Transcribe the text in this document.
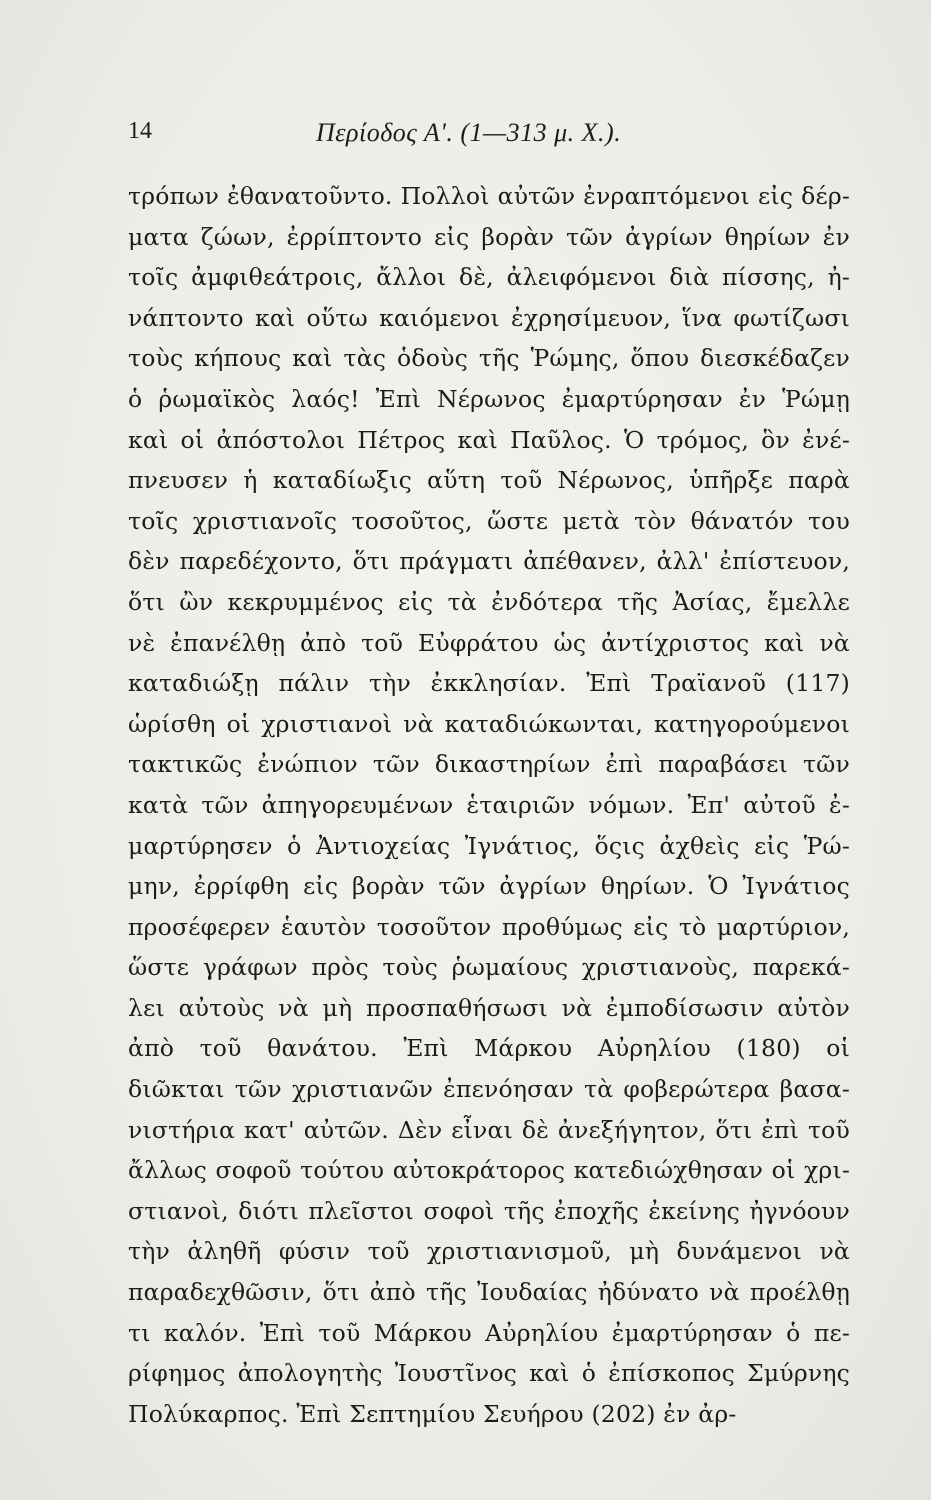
14	Περίοδος Α'. (1—313 μ. Χ.).
τρόπων ἐθανατοῦντο. Πολλοὶ αὐτῶν ἐνραπτόμενοι εἰς δέρ-
ματα ζώων, ἐρρίπτοντο εἰς βορὰν τῶν ἀγρίων θηρίων ἐν
τοῖς ἀμφιθεάτροις, ἄλλοι δὲ, ἀλειφόμενοι διὰ πίσσης, ἠ-
νάπτοντο καὶ οὕτω καιόμενοι ἐχρησίμευον, ἵνα φωτίζωσι
τοὺς κήπους καὶ τὰς ὁδοὺς τῆς Ῥώμης, ὅπου διεσκέδαζεν
ὁ ῥωμαϊκὸς λαός! Ἐπὶ Νέρωνος ἐμαρτύρησαν ἐν Ῥώμῃ
καὶ οἱ ἀπόστολοι Πέτρος καὶ Παῦλος. Ὁ τρόμος, ὃν ἐνέ-
πνευσεν ἡ καταδίωξις αὕτη τοῦ Νέρωνος, ὑπῆρξε παρὰ
τοῖς χριστιανοῖς τοσοῦτος, ὥστε μετὰ τὸν θάνατόν του
δὲν παρεδέχοντο, ὅτι πράγματι ἀπέθανεν, ἀλλ' ἐπίστευον,
ὅτι ὢν κεκρυμμένος εἰς τὰ ἐνδότερα τῆς Ἀσίας, ἔμελλε
νὲ ἐπανέλθῃ ἀπὸ τοῦ Εὐφράτου ὡς ἀντίχριστος καὶ νὰ
καταδιώξῃ πάλιν τὴν ἐκκλησίαν. Ἐπὶ Τραϊανοῦ (117)
ὡρίσθη οἱ χριστιανοὶ νὰ καταδιώκωνται, κατηγορούμενοι
τακτικῶς ἐνώπιον τῶν δικαστηρίων ἐπὶ παραβάσει τῶν
κατὰ τῶν ἀπηγορευμένων ἑταιριῶν νόμων. Ἐπ' αὐτοῦ ἐ-
μαρτύρησεν ὁ Ἀντιοχείας Ἰγνάτιος, ὅςις ἀχθεὶς εἰς Ῥώ-
μην, ἐρρίφθη εἰς βορὰν τῶν ἀγρίων θηρίων. Ὁ Ἰγνάτιος
προσέφερεν ἑαυτὸν τοσοῦτον προθύμως εἰς τὸ μαρτύριον,
ὥστε γράφων πρὸς τοὺς ῥωμαίους χριστιανοὺς, παρεκά-
λει αὐτοὺς νὰ μὴ προσπαθήσωσι νὰ ἐμποδίσωσιν αὐτὸν
ἀπὸ τοῦ θανάτου. Ἐπὶ Μάρκου Αὐρηλίου (180) οἱ
διῶκται τῶν χριστιανῶν ἐπενόησαν τὰ φοβερώτερα βασα-
νιστήρια κατ' αὐτῶν. Δὲν εἶναι δὲ ἀνεξήγητον, ὅτι ἐπὶ τοῦ
ἄλλως σοφοῦ τούτου αὐτοκράτορος κατεδιώχθησαν οἱ χρι-
στιανοὶ, διότι πλεῖστοι σοφοὶ τῆς ἐποχῆς ἐκείνης ἠγνόουν
τὴν ἀληθῆ φύσιν τοῦ χριστιανισμοῦ, μὴ δυνάμενοι νὰ
παραδεχθῶσιν, ὅτι ἀπὸ τῆς Ἰουδαίας ἠδύνατο νὰ προέλθῃ
τι καλόν. Ἐπὶ τοῦ Μάρκου Αὐρηλίου ἐμαρτύρησαν ὁ πε-
ρίφημος ἀπολογητὴς Ἰουστῖνος καὶ ὁ ἐπίσκοπος Σμύρνης
Πολύκαρπος. Ἐπὶ Σεπτημίου Σευήρου (202) ἐν ἀρ-
